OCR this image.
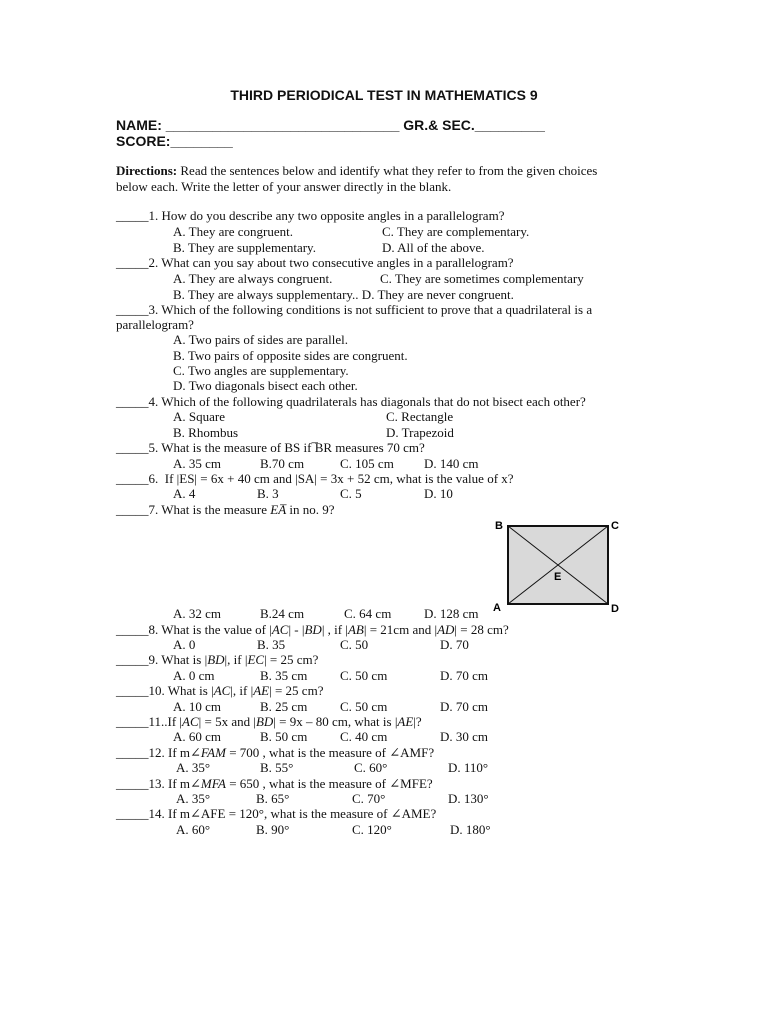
THIRD PERIODICAL TEST IN MATHEMATICS 9
NAME: ______________________________ GR.& SEC._________
SCORE:________
Directions: Read the sentences below and identify what they refer to from the given choices
below each. Write the letter of your answer directly in the blank.
_____1. How do you describe any two opposite angles in a parallelogram?
A. They are congruent.	C. They are complementary.
B. They are supplementary.	D. All of the above.
_____2. What can you say about two consecutive angles in a parallelogram?
A. They are always congruent.	C. They are sometimes complementary
B. They are always supplementary.. D. They are never congruent.
_____3. Which of the following conditions is not sufficient to prove that a quadrilateral is a
parallelogram?
A. Two pairs of sides are parallel.
B. Two pairs of opposite sides are congruent.
C. Two angles are supplementary.
D. Two diagonals bisect each other.
_____4. Which of the following quadrilaterals has diagonals that do not bisect each other?
A. Square	C. Rectangle
B. Rhombus	D. Trapezoid
_____5. What is the measure of BS if ̅BR measures 70 cm?
A. 35 cm	B.70 cm	C. 105 cm D. 140 cm
_____6.  If |ES| = 6x + 40 cm and |SA| = 3x + 52 cm, what is the value of x?
A. 4	B. 3	C. 5	D. 10
_____7. What is the measure EA̅ in no. 9?
B	C
A	D
E
A. 32 cm	B.24 cm	C. 64 cm	D. 128 cm
_____8. What is the value of |AC| - |BD| , if |AB| = 21cm and |AD| = 28 cm?
A. 0	B. 35	C. 50	D. 70
_____9. What is |BD|, if |EC| = 25 cm?
A. 0 cm	B. 35 cm	C. 50 cm	D. 70 cm
_____10. What is |AC|, if |AE| = 25 cm?
A. 10 cm	B. 25 cm	C. 50 cm	D. 70 cm
_____11..If |AC| = 5x and |BD| = 9x – 80 cm, what is |AE|?
A. 60 cm	B. 50 cm	C. 40 cm	D. 30 cm
_____12. If m∠FAM = 700 , what is the measure of ∠AMF?
A. 35°	B. 55°	C. 60°	D. 110°
_____13. If m∠MFA = 650 , what is the measure of ∠MFE?
A. 35°	B. 65°	C. 70°	D. 130°
_____14. If m∠AFE = 120°, what is the measure of ∠AME?
A. 60°	B. 90°	C. 120°	D. 180°
